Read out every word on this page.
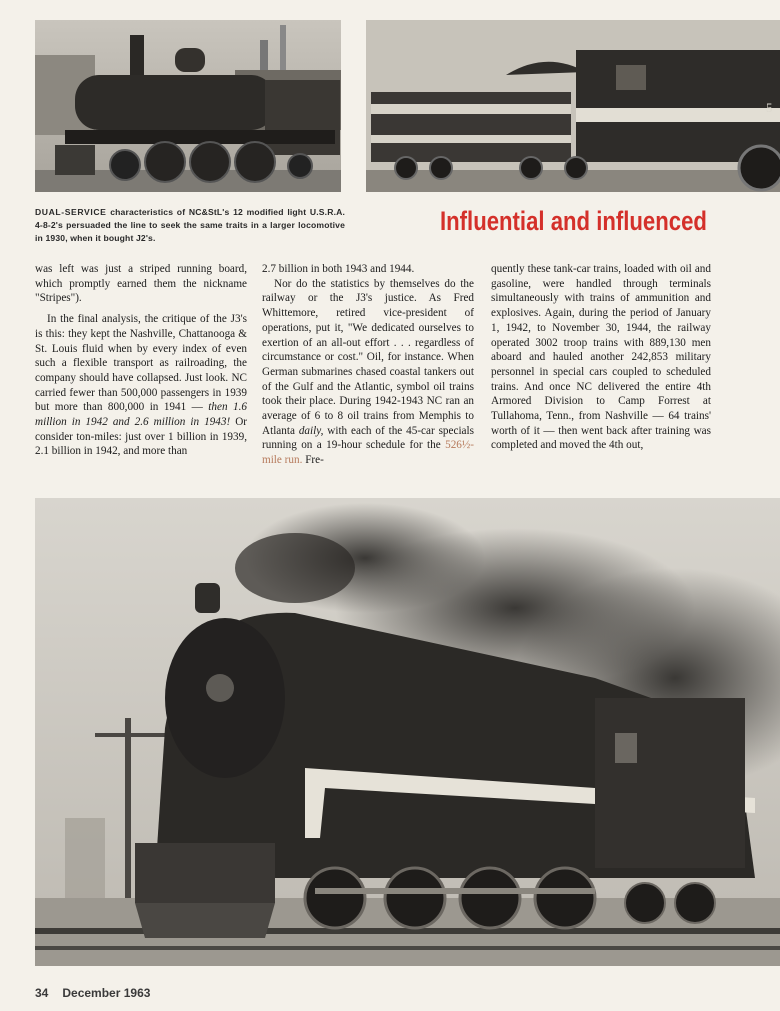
5
DUAL-SERVICE characteristics of NC&StL's 12 modified light U.S.R.A. 4-8-2's persuaded the line to seek the same traits in a larger locomotive in 1930, when it bought J2's.
Influential and influenced

was left was just a striped running board, which promptly earned them the nickname "Stripes").

In the final analysis, the critique of the J3's is this: they kept the Nashville, Chattanooga & St. Louis fluid when by every index of even such a flexible transport as railroading, the company should have collapsed. Just look. NC carried fewer than 500,000 passengers in 1939 but more than 800,000 in 1941 — then 1.6 million in 1942 and 2.6 million in 1943! Or consider ton-miles: just over 1 billion in 1939, 2.1 billion in 1942, and more than

2.7 billion in both 1943 and 1944.

Nor do the statistics by themselves do the railway or the J3's justice. As Fred Whittemore, retired vice-president of operations, put it, "We dedicated ourselves to exertion of an all-out effort . . . regardless of circumstance or cost." Oil, for instance. When German submarines chased coastal tankers out of the Gulf and the Atlantic, symbol oil trains took their place. During 1942-1943 NC ran an average of 6 to 8 oil trains from Memphis to Atlanta daily, with each of the 45-car specials running on a 19-hour schedule for the 526½-mile run. Fre-

quently these tank-car trains, loaded with oil and gasoline, were handled through terminals simultaneously with trains of ammunition and explosives. Again, during the period of January 1, 1942, to November 30, 1944, the railway operated 3002 troop trains with 889,130 men aboard and hauled another 242,853 military personnel in special cars coupled to scheduled trains. And once NC delivered the entire 4th Armored Division to Camp Forrest at Tullahoma, Tenn., from Nashville — 64 trains' worth of it — then went back after training was completed and moved the 4th out,

34 December 1963
